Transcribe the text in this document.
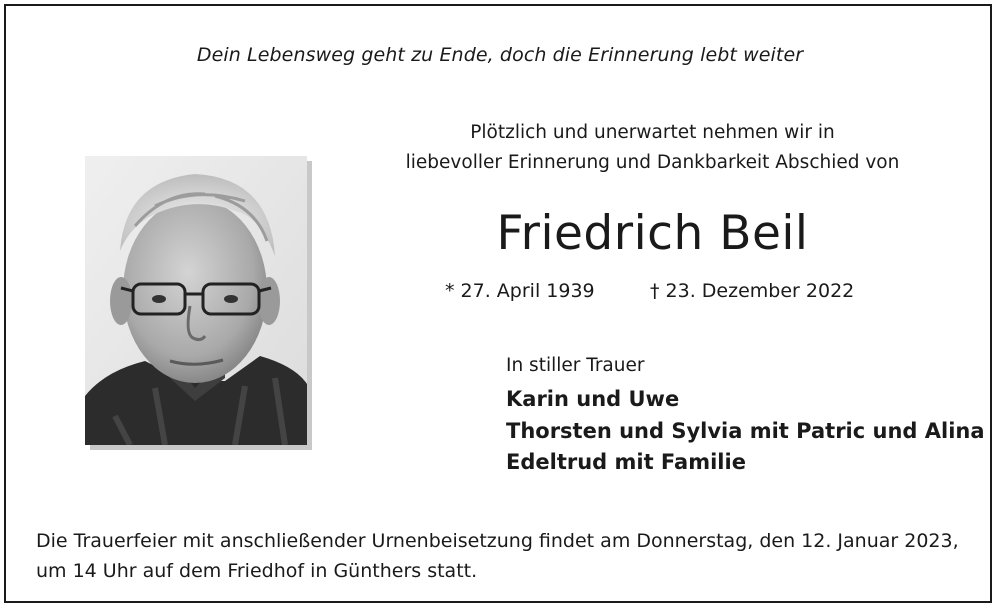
Dein Lebensweg geht zu Ende, doch die Erinnerung lebt weiter
Plötzlich und unerwartet nehmen wir in
liebevoller Erinnerung und Dankbarkeit Abschied von
Friedrich Beil
* 27. April 1939	† 23. Dezember 2022
In stiller Trauer
Karin und Uwe
Thorsten und Sylvia mit Patric und Alina
Edeltrud mit Familie
Die Trauerfeier mit anschließender Urnenbeisetzung findet am Donnerstag, den 12. Januar 2023,
um 14 Uhr auf dem Friedhof in Günthers statt.
